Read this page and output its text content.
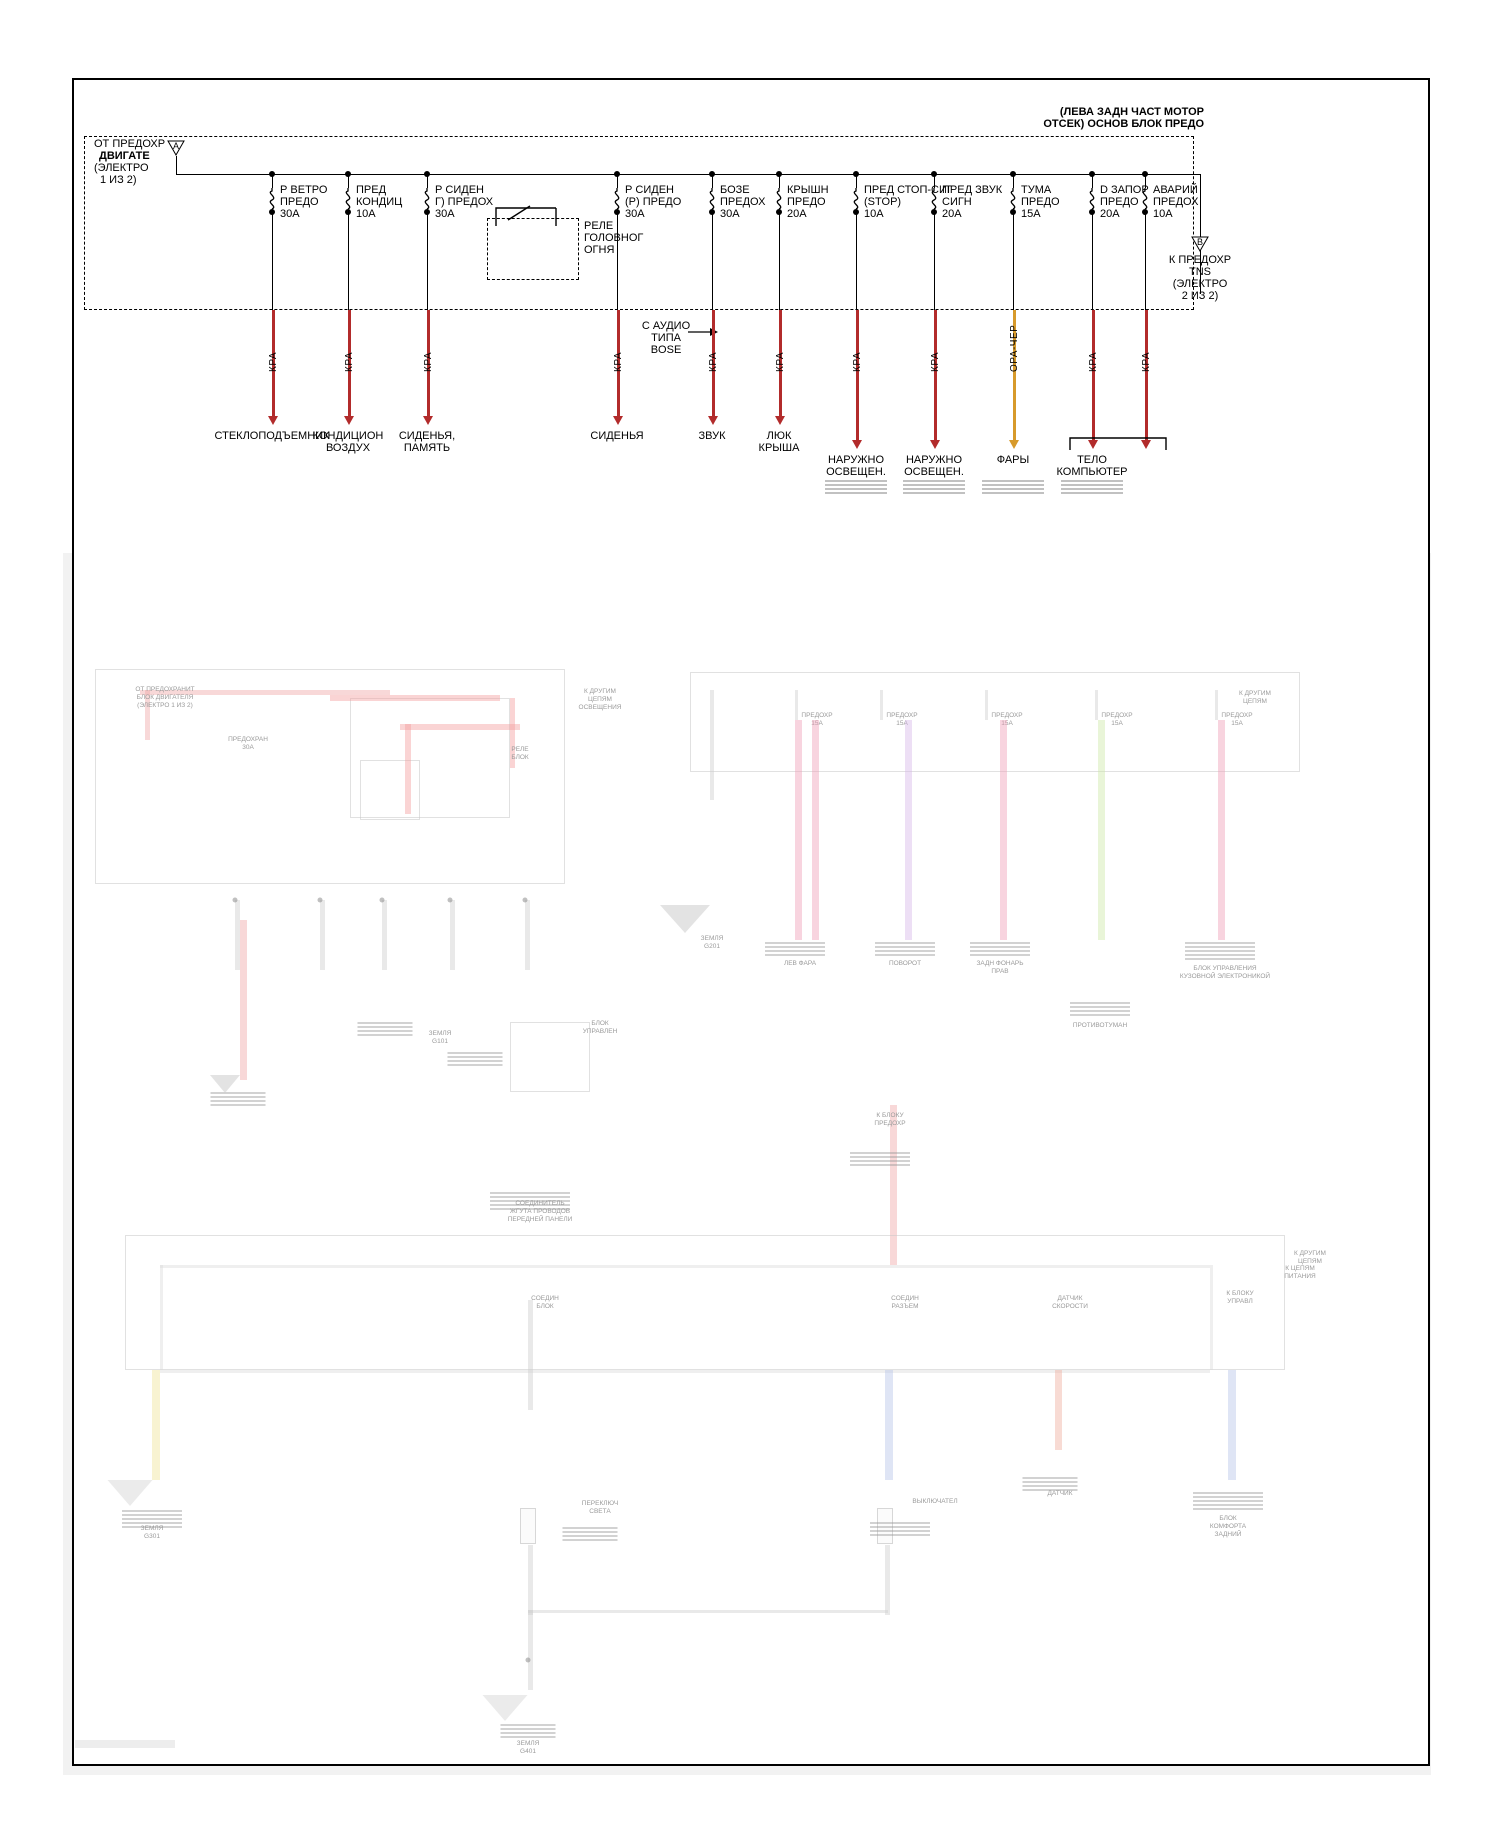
(ЛЕВА ЗАДН ЧАСТ МОТОР
ОТСЕК) ОСНОВ БЛОК ПРЕДО
ОТ ПРЕДОХР
ДВИГАТЕ
(ЭЛЕКТРО
1 ИЗ 2)
A
B
К ПРЕДОХР
TNS
(ЭЛЕКТРО
2 ИЗ 2)
РЕЛЕ
ГОЛОВНОГ
ОГНЯ
С АУДИО
ТИПА
BOSE
Р ВЕТРО
ПРЕДО
30A
КРА
СТЕКЛОПОДЪЕМНИК
ПРЕД
КОНДИЦ
10A
КРА
КОНДИЦИОН
ВОЗДУХ
Р СИДЕН
Г) ПРЕДОХ
30A
КРА
СИДЕНЬЯ,
ПАМЯТЬ
Р СИДЕН
(Р) ПРЕДО
30A
КРА
СИДЕНЬЯ
БОЗЕ
ПРЕДОХ
30A
КРА
ЗВУК
КРЫШН
ПРЕДО
20A
КРА
ЛЮК
КРЫША
ПРЕД СТОП-СИГ
(STOP)
10A
КРА
НАРУЖНО
ОСВЕЩЕН.
ПРЕД ЗВУК
СИГН
20A
КРА
НАРУЖНО
ОСВЕЩЕН.
ТУМА
ПРЕДО
15A
ОРА-ЧЕР
ФАРЫ
D ЗАПОР
ПРЕДО
20A
КРА
ТЕЛО
КОМПЬЮТЕР
АВАРИЙ
ПРЕДОХ
10A
КРА
ОТ ПРЕДОХРАНИТ
БЛОК ДВИГАТЕЛЯ
(ЭЛЕКТРО 1 ИЗ 2)
ПРЕДОХРАН
30A	РЕЛЕ
БЛОК
К ДРУГИМ
ЦЕПЯМ
ОСВЕЩЕНИЯ
ЗЕМЛЯ
G101
БЛОК
УПРАВЛЕН
ПРЕДОХР
15A
ПРЕДОХР
15A
ПРЕДОХР
15A
ПРЕДОХР
15A
ПРЕДОХР
15A
ЗЕМЛЯ
G201
ЛЕВ ФАРА	ПОВОРОТ	ЗАДН ФОНАРЬ
ПРАВ
ПРОТИВОТУМАН
БЛОК УПРАВЛЕНИЯ
КУЗОВНОЙ ЭЛЕКТРОНИКОЙ
К ДРУГИМ
ЦЕПЯМ
К БЛОКУ
ПРЕДОХР
СОЕДИНИТЕЛЬ
ЖГУТА ПРОВОДОВ
ПЕРЕДНЕЙ ПАНЕЛИ
К ДРУГИМ
ЦЕПЯМ
ЗЕМЛЯ
G301
ПЕРЕКЛЮЧ
СВЕТА
ВЫКЛЮЧАТЕЛ
ДАТЧИК
БЛОК
КОМФОРТА
ЗАДНИЙ
ЗЕМЛЯ
G401
СОЕДИН
БЛОК
СОЕДИН
РАЗЪЕМ
ДАТЧИК
СКОРОСТИ
К БЛОКУ
УПРАВЛ
К ЦЕПЯМ
ПИТАНИЯ
